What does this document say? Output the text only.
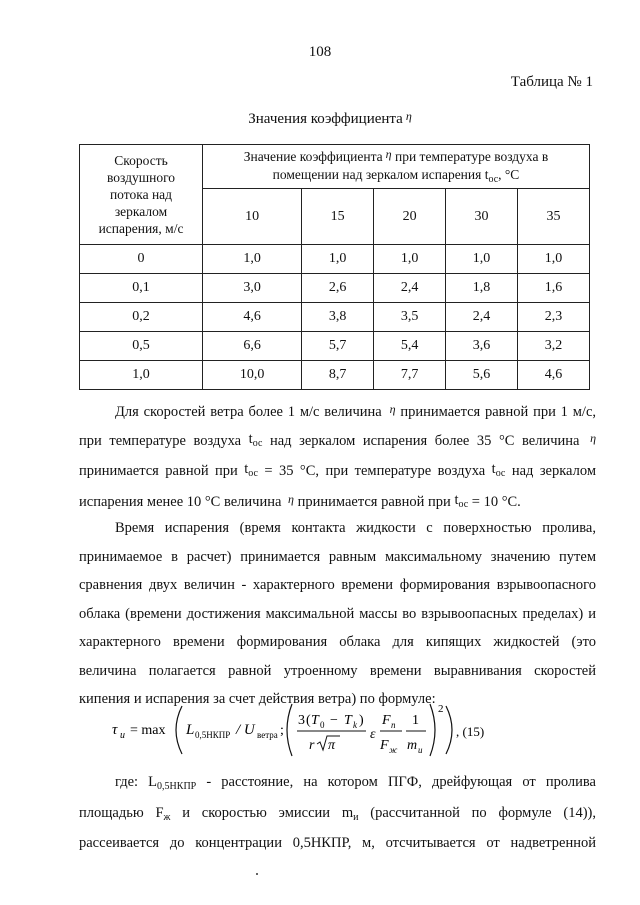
108
Таблица № 1
Значения коэффициента $^\eta$
Скорость
воздушного
потока над
зеркалом
испарения, м/с	Значение коэффициента η при температуре воздуха в
помещении над зеркалом испарения $t_{ос}$, °C				
	10	15	20	30	35
0	1,0	1,0	1,0	1,0	1,0
0,1	3,0	2,6	2,4	1,8	1,6
0,2	4,6	3,8	3,5	2,4	2,3
0,5	6,6	5,7	5,4	3,6	3,2
1,0	10,0	8,7	7,7	5,6	4,6
Для скоростей ветра более 1 м/с величина $^\eta$ принимается равной при 1 м/с,
при температуре воздуха $t_{ос}$ над зеркалом испарения более 35 °C величина $^\eta$
принимается равной при $t_{ос} = 35$ °C, при температуре воздуха $t_{ос}$ над зеркалом
испарения менее 10 °C величина $^\eta$ принимается равной при $t_{ос} = 10$ °C.
Время испарения (время контакта жидкости с поверхностью пролива, принимаемое в расчет) принимается равным максимальному значению путем сравнения двух величин - характерного времени формирования взрывоопасного облака (времени достижения максимальной массы во взрывоопасных пределах) и характерного времени формирования облака для кипящих жидкостей (это величина полагается равной утроенному времени выравнивания скоростей кипения и испарения за счет действия ветра) по формуле:
τ и = max L 0,5НКПР / U ветра ;
3 ( T 0 − T k )
r π
ε
F п
F ж
1
m и
2
, (15)
где: $L_{0,5НКПР}$ - расстояние, на котором ПГФ, дрейфующая от пролива
площадью $F_ж$ и скоростью эмиссии $m_и$ (рассчитанной по формуле (14)),
рассеивается до концентрации 0,5НКПР, м, отсчитывается от надветренной
